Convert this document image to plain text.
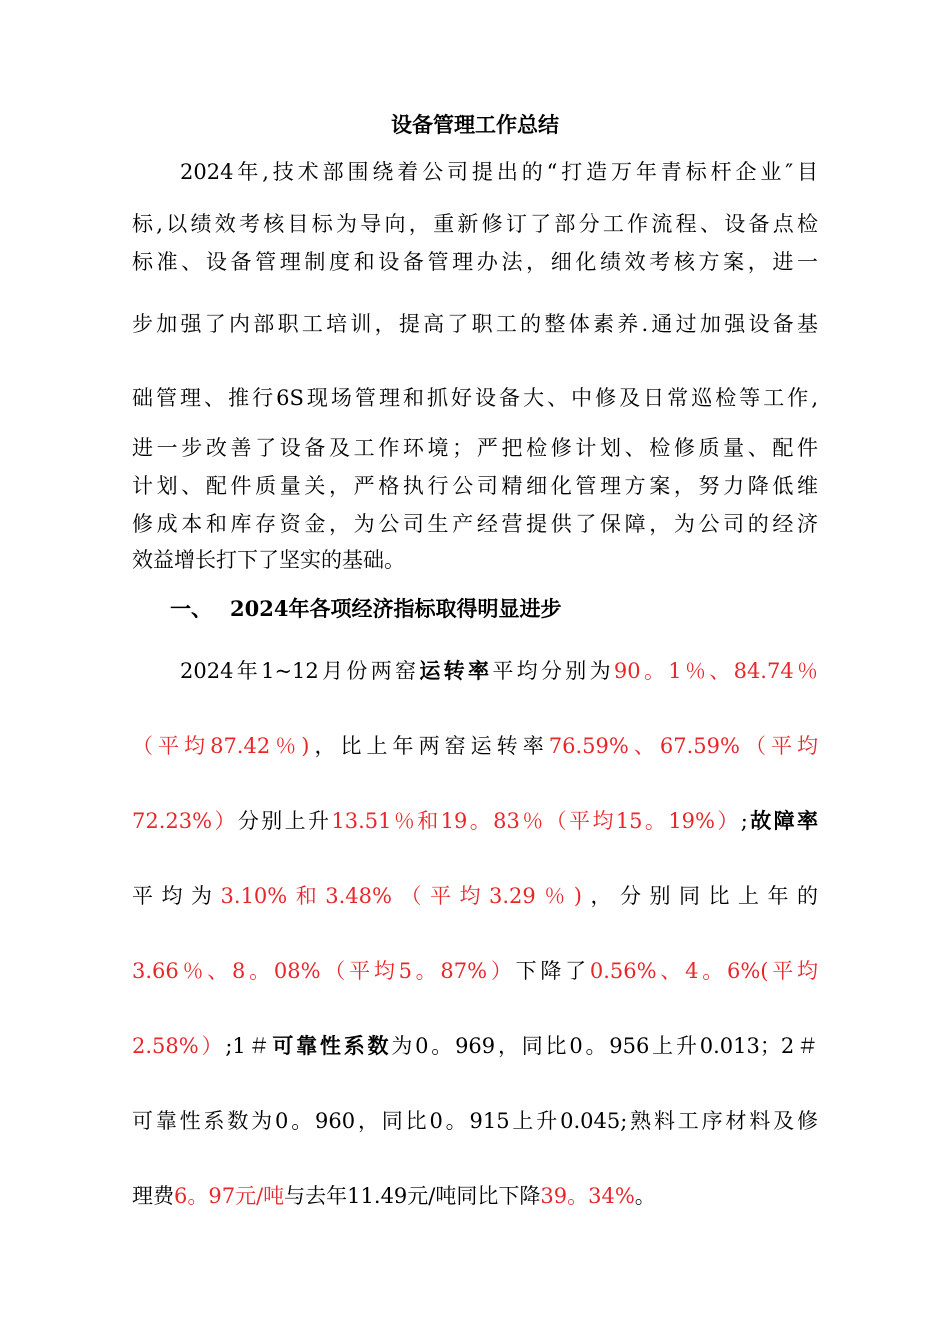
设备管理工作总结
2024年,技术部围绕着公司提出的“打造万年青标杆企业″目
标,以绩效考核目标为导向，重新修订了部分工作流程、设备点检
标准、设备管理制度和设备管理办法，细化绩效考核方案，进一
步加强了内部职工培训，提高了职工的整体素养.通过加强设备基
础管理、推行6S现场管理和抓好设备大、中修及日常巡检等工作,
进一步改善了设备及工作环境；严把检修计划、检修质量、配件
计划、配件质量关，严格执行公司精细化管理方案，努力降低维
修成本和库存资金，为公司生产经营提供了保障，为公司的经济
效益增长打下了坚实的基础。
一、 2024年各项经济指标取得明显进步
2024年1~12月份两窑运转率平均分别为90。1％、84.74％
（平均87.42％)，比上年两窑运转率76.59%、67.59%（平均
72.23%）分别上升13.51％和19。83％（平均15。19%）;故障率
平均为3.10%和3.48%（平均3.29％)，分别同比上年的
3.66％、8。08%（平均5。87%）下降了0.56%、4。6%(平均
2.58%）;1＃可靠性系数为0。969，同比0。956上升0.013；2＃
可靠性系数为0。960，同比0。915上升0.045;熟料工序材料及修
理费6。97元/吨与去年11.49元/吨同比下降39。34%。
